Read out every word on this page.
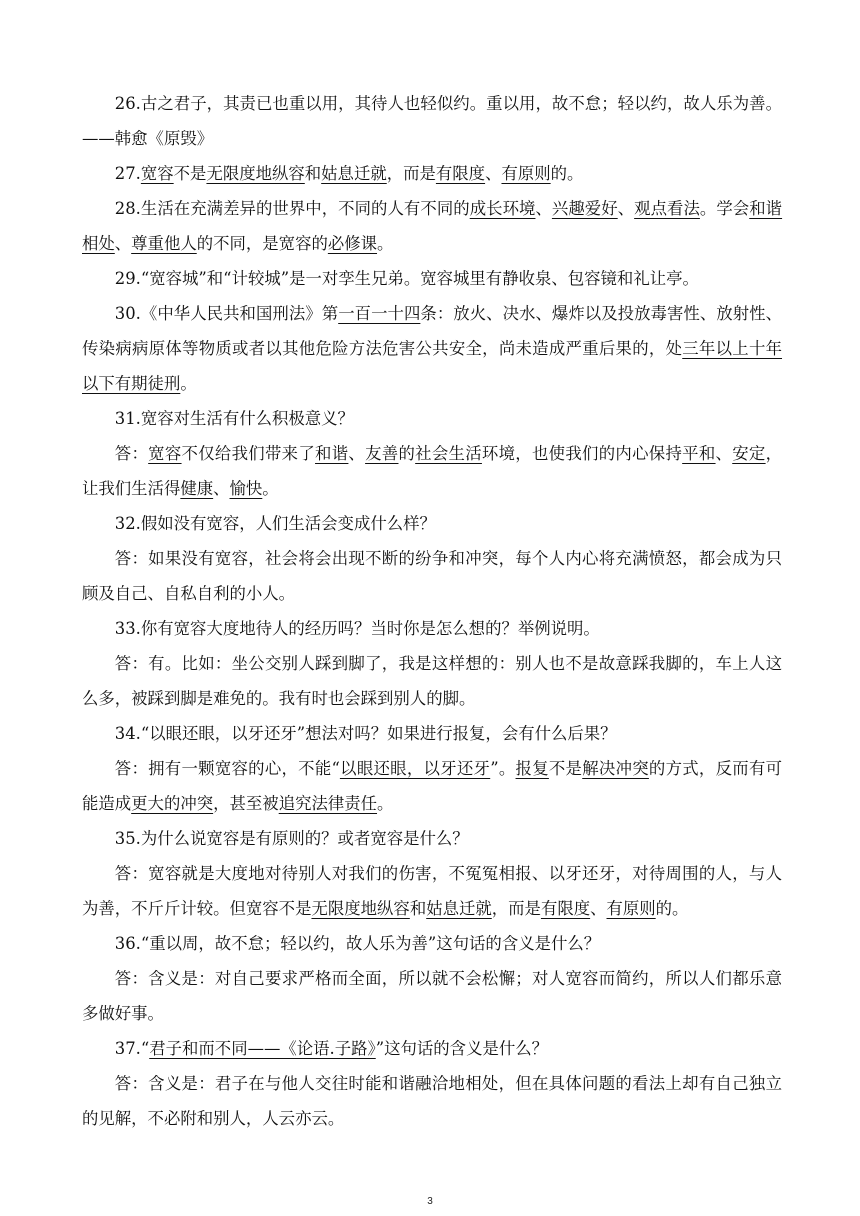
26.古之君子，其责已也重以用，其待人也轻似约。重以用，故不怠；轻以约，故人乐为善。——韩愈《原毁》

27.宽容不是无限度地纵容和姑息迁就，而是有限度、有原则的。

28.生活在充满差异的世界中，不同的人有不同的成长环境、兴趣爱好、观点看法。学会和谐相处、尊重他人的不同，是宽容的必修课。

29.“宽容城”和“计较城”是一对孪生兄弟。宽容城里有静收泉、包容镜和礼让亭。

30.《中华人民共和国刑法》第一百一十四条：放火、决水、爆炸以及投放毒害性、放射性、传染病病原体等物质或者以其他危险方法危害公共安全，尚未造成严重后果的，处三年以上十年以下有期徒刑。

31.宽容对生活有什么积极意义？

答：宽容不仅给我们带来了和谐、友善的社会生活环境，也使我们的内心保持平和、安定，让我们生活得健康、愉快。

32.假如没有宽容，人们生活会变成什么样？

答：如果没有宽容，社会将会出现不断的纷争和冲突，每个人内心将充满愤怒，都会成为只顾及自己、自私自利的小人。

33.你有宽容大度地待人的经历吗？当时你是怎么想的？举例说明。

答：有。比如：坐公交别人踩到脚了，我是这样想的：别人也不是故意踩我脚的，车上人这么多，被踩到脚是难免的。我有时也会踩到别人的脚。

34.“以眼还眼，以牙还牙”想法对吗？如果进行报复，会有什么后果？

答：拥有一颗宽容的心，不能“以眼还眼，以牙还牙”。报复不是解决冲突的方式，反而有可能造成更大的冲突，甚至被追究法律责任。

35.为什么说宽容是有原则的？或者宽容是什么？

答：宽容就是大度地对待别人对我们的伤害，不冤冤相报、以牙还牙，对待周围的人，与人为善，不斤斤计较。但宽容不是无限度地纵容和姑息迁就，而是有限度、有原则的。

36.“重以周，故不怠；轻以约，故人乐为善”这句话的含义是什么？

答：含义是：对自己要求严格而全面，所以就不会松懈；对人宽容而简约，所以人们都乐意多做好事。

37.“君子和而不同——《论语.子路》”这句话的含义是什么？

答：含义是：君子在与他人交往时能和谐融洽地相处，但在具体问题的看法上却有自己独立的见解，不必附和别人，人云亦云。

3
